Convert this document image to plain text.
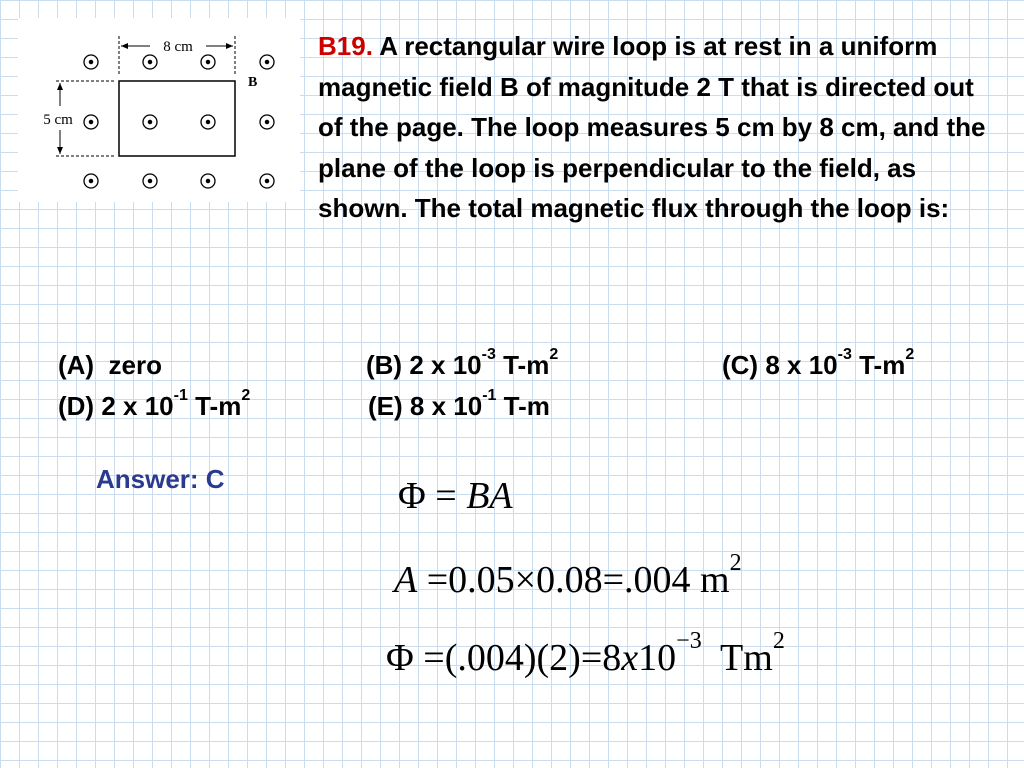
8 cm
5 cm
B
B19. A rectangular wire loop is at rest in a uniform magnetic field B of magnitude 2 T that is directed out of the page. The loop measures 5 cm by 8 cm, and the plane of the loop is perpendicular to the field, as shown. The total magnetic flux through the loop is:
(A) zero	(B) 2 x $10^{-3}$ $T-m^2$	(C) 8 x $10^{-3}$ $T-m^2$
(D) 2 x $10^{-1}$ $T-m^2$	(E) 8 x $10^{-1}$ T-m
Answer: C	Φ = BA
A =0.05×0.08=.004 $m^2$
$\Phi =(.004)(2)=8x10^{-3}$ Tm$^2$
